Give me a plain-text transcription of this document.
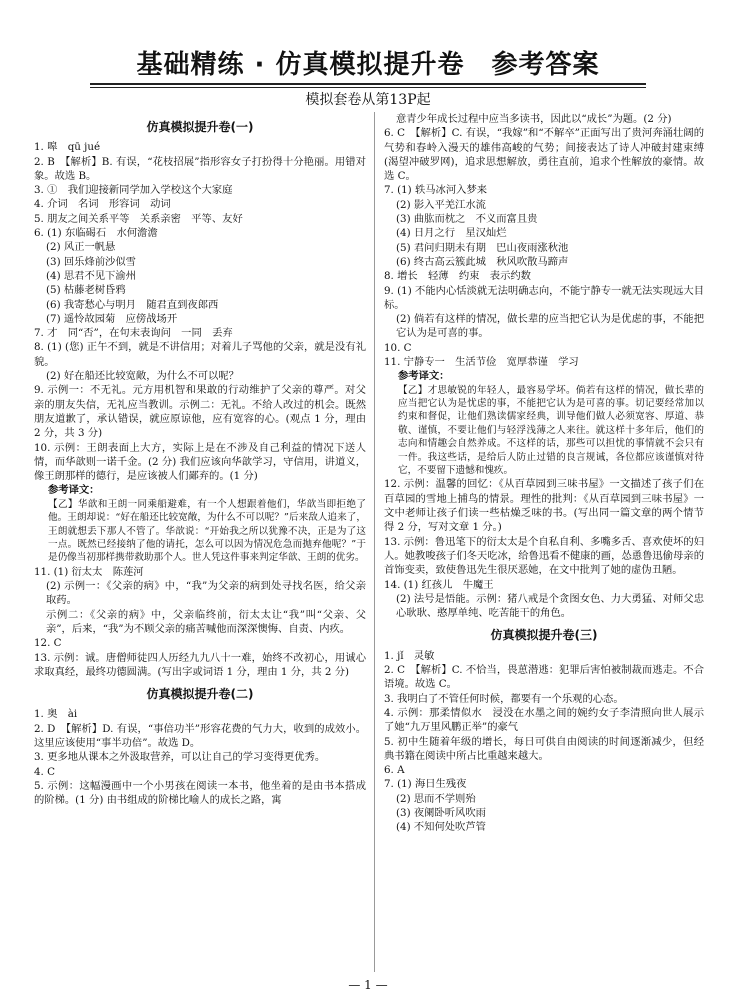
基础精练 · 仿真模拟提升卷　参考答案
模拟套卷从第13P起
仿真模拟提升卷(一)
1. 嗥　qū jué
2. B　【解析】B. 有误，“花枝招展”指形容女子打扮得十分艳丽。用错对象。故选 B。
3. ①　我们迎接新同学加入学校这个大家庭
4. 介词　名词　形容词　动词
5. 朋友之间关系平等　关系亲密　平等、友好
6. (1) 东临碣石　水何澹澹
(2) 风正一帆悬
(3) 回乐烽前沙似雪
(4) 思君不见下渝州
(5) 枯藤老树昏鸦
(6) 我寄愁心与明月　随君直到夜郎西
(7) 遥怜故园菊　应傍战场开
7. 才　同“否”，在句末表询问　一同　丢弃
8. (1) (您) 正午不到，就是不讲信用；对着儿子骂他的父亲，就是没有礼貌。
(2) 好在船还比较宽敞，为什么不可以呢？
9. 示例一：不无礼。元方用机智和果敢的行动维护了父亲的尊严。对父亲的朋友失信，无礼应当教训。示例二：无礼。不给人改过的机会。既然朋友道歉了，承认错误，就应原谅他，应有宽容的心。(观点 1 分，理由 2 分，共 3 分)
10. 示例：王朗表面上大方，实际上是在不涉及自己利益的情况下送人情，而华歆则一诺千金。(2 分) 我们应该向华歆学习，守信用，讲道义，像王朗那样的德行，是应该被人们鄙弃的。(1 分)
参考译文：
【乙】华歆和王朗一同乘船避难，有一个人想跟着他们，华歆当即拒绝了他。王朗却说：“好在船还比较宽敞，为什么不可以呢？”后来敌人追来了，王朗就想丢下那人不管了。华歆说：“开始我之所以犹豫不决，正是为了这一点。既然已经接纳了他的请托，怎么可以因为情况危急而抛弃他呢？”于是仍像当初那样携带救助那个人。世人凭这件事来判定华歆、王朗的优劣。
11. (1) 衍太太　陈莲河
(2) 示例一：《父亲的病》中，“我”为父亲的病到处寻找名医，给父亲取药。
示例二：《父亲的病》中，父亲临终前，衍太太让“我”叫“父亲、父亲”，后来，“我”为不顾父亲的痛苦喊他而深深懊悔、自责、内疚。
12. C
13. 示例：诚。唐僧师徒四人历经九九八十一难，始终不改初心，用诚心求取真经，最终功德圆满。(写出字或词语 1 分，理由 1 分，共 2 分)
仿真模拟提升卷(二)
1. 奥　ài
2. D　【解析】D. 有误，“事倍功半”形容花费的气力大，收到的成效小。这里应该使用“事半功倍”。故选 D。
3. 更多地从课本之外汲取营养，可以让自己的学习变得更优秀。
4. C
5. 示例：这幅漫画中一个小男孩在阅读一本书，他坐着的是由书本搭成的阶梯。(1 分) 由书组成的阶梯比喻人的成长之路，寓
意青少年成长过程中应当多读书，因此以“成长”为题。(2 分)
6. C　【解析】C. 有误，“我嫁”和“不解卒”正面写出了贵河奔涌壮阔的气势和春岭入漫天的雄伟高峻的气势；间接表达了诗人冲破封建束缚(渴望冲破罗网)，追求思想解放，勇往直前，追求个性解放的豪情。故选 C。
7. (1) 轶马冰河入梦来
(2) 影入平羌江水流
(3) 曲肱而枕之　不义而富且贵
(4) 日月之行　星汉灿烂
(5) 君问归期未有期　巴山夜雨涨秋池
(6) 终古高云簇此城　秋风吹散马蹄声
8. 增长　轻薄　约束　表示约数
9. (1) 不能内心恬淡就无法明确志向，不能宁静专一就无法实现远大目标。
(2) 倘若有这样的情况，做长辈的应当把它认为是优虑的事，不能把它认为是可喜的事。
10. C
11. 宁静专一　生活节俭　宽厚恭谨　学习
参考译文：
【乙】才思敏锐的年轻人，最容易学坏。倘若有这样的情况，做长辈的应当把它认为是忧虑的事，不能把它认为是可喜的事。切记要经常加以约束和督促，让他们熟读儒家经典，训导他们做人必须宽容、厚道、恭敬、谨慎，不要让他们与轻浮浅薄之人来往。就这样十多年后，他们的志向和情趣会自然养成。不这样的话，那些可以担忧的事情就不会只有一件。我这些话，是给后人防止过错的良言规诫，各位都应该谨慎对待它，不要留下遗憾和愧疚。
12. 示例：温馨的回忆：《从百草园到三味书屋》一文描述了孩子们在百草园的雪地上捕鸟的情景。理性的批判：《从百草园到三味书屋》一文中老师让孩子们读一些枯燥乏味的书。(写出同一篇文章的两个情节得 2 分，写对文章 1 分。)
13. 示例：鲁迅笔下的衍太太是个自私自利、多嘴多舌、喜欢使坏的妇人。她教唆孩子们冬天吃冰，给鲁迅看不健康的画，怂恿鲁迅偷母亲的首饰变卖，致使鲁迅先生很厌恶她，在文中批判了她的虚伪丑陋。
14. (1) 红孩儿　牛魔王
(2) 法号是悟能。示例：猪八戒是个贪图女色、力大勇猛、对师父忠心耿耿、憨厚单纯、吃苦能干的角色。
仿真模拟提升卷(三)
1. jǐ　灵敏
2. C　【解析】C. 不恰当，畏葸潜逃：犯罪后害怕被制裁而逃走。不合语境。故选 C。
3. 我明白了不管任何时候，都要有一个乐观的心态。
4. 示例：那柔情似水　浸没在水墨之间的婉约女子李清照向世人展示了她“九万里风鹏正举”的豪气
5. 初中生随着年级的增长，每日可供自由阅读的时间逐渐减少，但经典书籍在阅读中所占比重越来越大。
6. A
7. (1) 海日生残夜
(2) 思而不学则殆
(3) 夜阑卧听风吹雨
(4) 不知何处吹芦管
— 1 —
